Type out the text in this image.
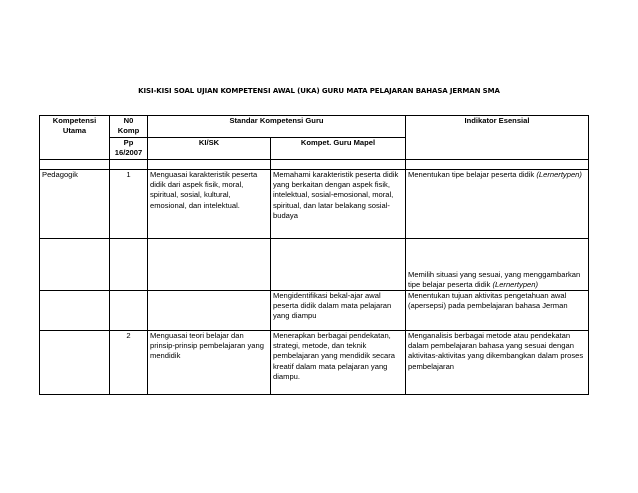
KISI-KISI SOAL UJIAN KOMPETENSI AWAL (UKA) GURU MATA PELAJARAN BAHASA JERMAN SMA
Kompetensi Utama	N0 Komp	Standar Kompetensi Guru		Indikator Esensial
	Pp 16/2007	KI/SK	Kompet. Guru Mapel	

Pedagogik	1	Menguasai karakteristik peserta didik dari aspek fisik, moral, spiritual, sosial, kultural, emosional, dan intelektual.	Memahami karakteristik peserta didik yang berkaitan dengan aspek fisik, intelektual, sosial-emosional, moral, spiritual, dan latar belakang sosial-budaya	Menentukan tipe belajar peserta didik (Lernertypen)
				Memilih situasi yang sesuai, yang menggambarkan tipe belajar peserta didik (Lernertypen)
			Mengidentifikasi bekal-ajar awal peserta didik dalam mata pelajaran yang diampu	Menentukan tujuan aktivitas pengetahuan awal (apersepsi) pada pembelajaran bahasa Jerman
	2	Menguasai teori belajar dan prinsip-prinsip pembelajaran yang mendidik	Menerapkan berbagai pendekatan, strategi, metode, dan teknik pembelajaran yang mendidik secara kreatif dalam mata pelajaran yang diampu.	Menganalisis berbagai metode atau pendekatan dalam pembelajaran bahasa yang sesuai dengan aktivitas-aktivitas yang dikembangkan dalam proses pembelajaran
